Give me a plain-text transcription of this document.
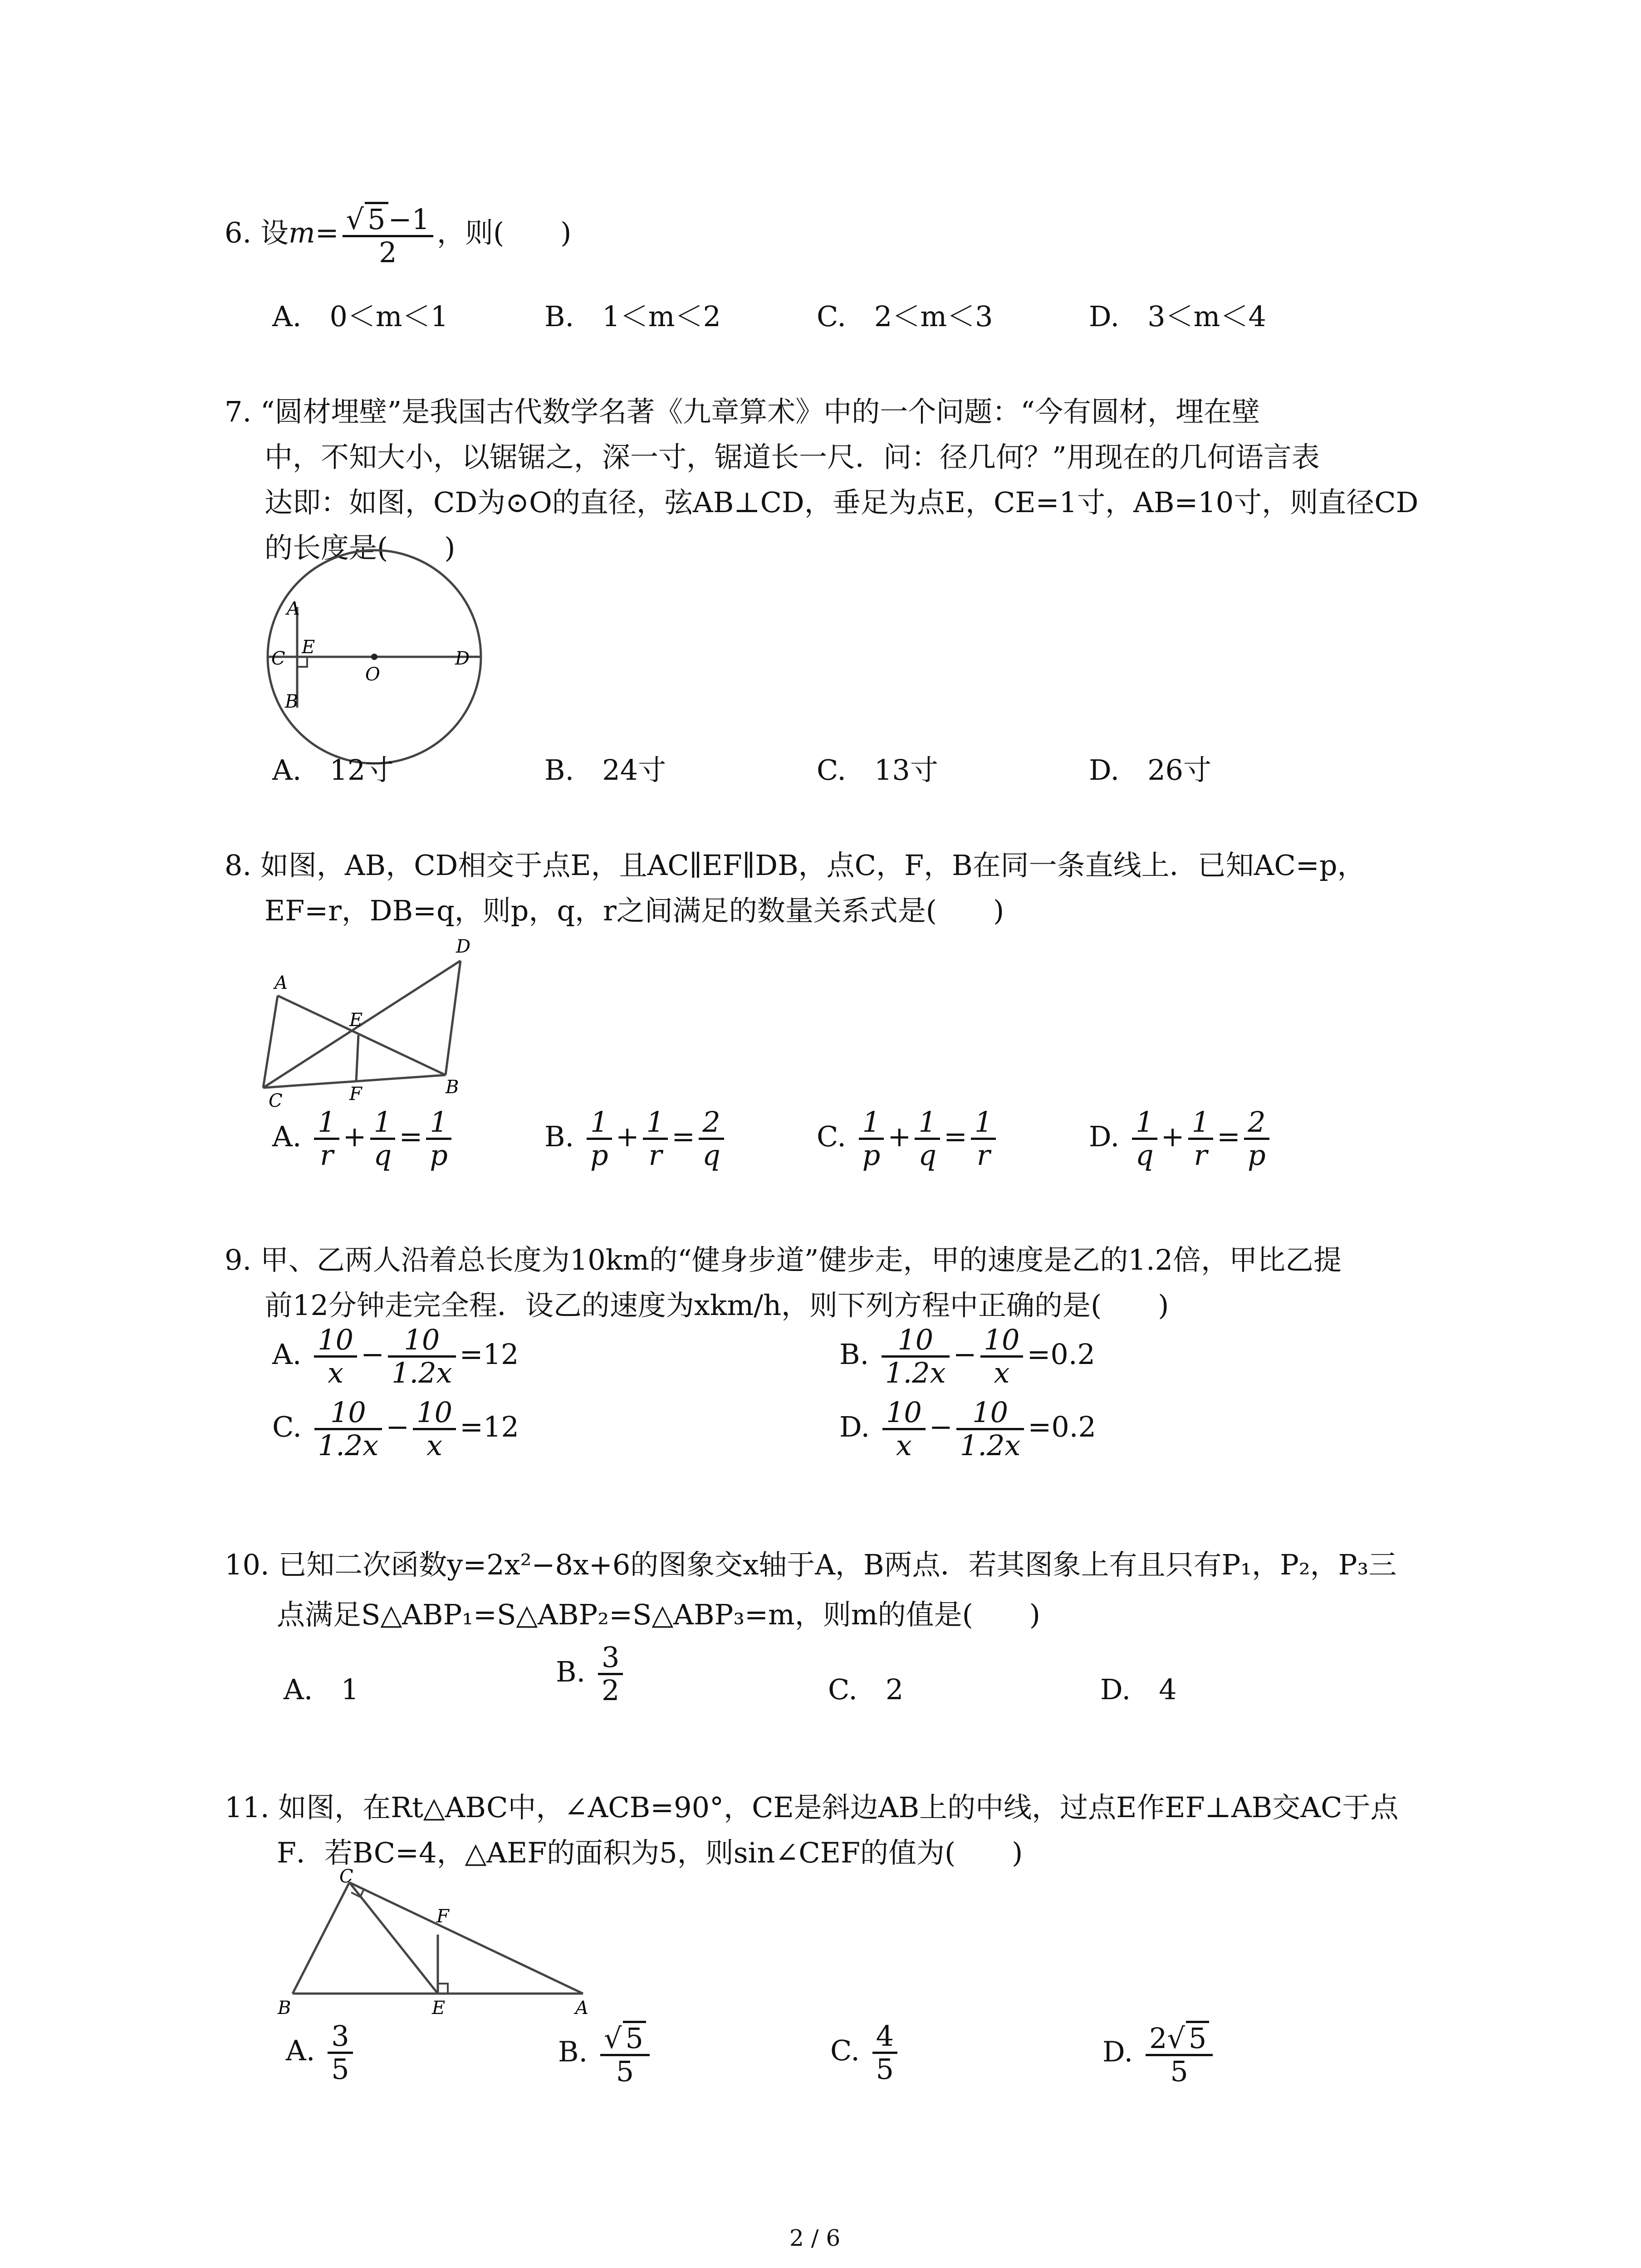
6. 设$m= \frac{√ 5-1}{2}$ ，则(　　)
A.　0＜m＜1	B.　1＜m＜2	C.　2＜m＜3	D.　3＜m＜4
7. “圆材埋壁”是我国古代数学名著《九章算术》中的一个问题：“今有圆材，埋在壁
中，不知大小，以锯锯之，深一寸，锯道长一尺．问：径几何？”用现在的几何语言表
达即：如图，CD为⊙O的直径，弦AB⊥CD，垂足为点E，CE=1寸，AB=10寸，则直径CD
的长度是(　　)
A
E
C
O
D
B
A.　12寸	B.　24寸	C.　13寸	D.　26寸
8. 如图，AB，CD相交于点E，且AC∥EF∥DB，点C，F，B在同一条直线上．已知AC=p，
EF=r，DB=q，则p，q，r之间满足的数量关系式是(　　)
D
A
E
C	F	B
A. $\frac{1}{r} + \frac{1}{q} = \frac{1}{p}$	B. $\frac{1}{p} + \frac{1}{r} = \frac{2}{q}$	C. $\frac{1}{p} + \frac{1}{q} = \frac{1}{r}$	D. $\frac{1}{q} + \frac{1}{r} = \frac{2}{p}$
9. 甲、乙两人沿着总长度为10km的“健身步道”健步走，甲的速度是乙的1.2倍，甲比乙提
前12分钟走完全程．设乙的速度为xkm/h，则下列方程中正确的是(　　)
A. $\frac{10}{x} - \frac{10}{1.2x} =12$	B. $\frac{10}{1.2x} - \frac{10}{x} =0.2$
C. $\frac{10}{1.2x} - \frac{10}{x} =12$	D. $\frac{10}{x} - \frac{10}{1.2x} =0.2$
10. 已知二次函数y=2x²−8x+6的图象交x轴于A，B两点．若其图象上有且只有P₁，P₂，P₃三
点满足S△ABP₁=S△ABP₂=S△ABP₃=m，则m的值是(　　)
A.　1
B. $\frac{3}{2}$	C.　2	D.　4
11. 如图，在Rt△ABC中，∠ACB=90°，CE是斜边AB上的中线，过点E作EF⊥AB交AC于点
F．若BC=4，△AEF的面积为5，则sin∠CEF的值为(　　)
C
F
B	E	A
A. $\frac{3}{5}$	B. $\frac{√ 5}{5}$	C. $\frac{4}{5}$	D. $\frac{2√ 5}{5}$
2 / 6
